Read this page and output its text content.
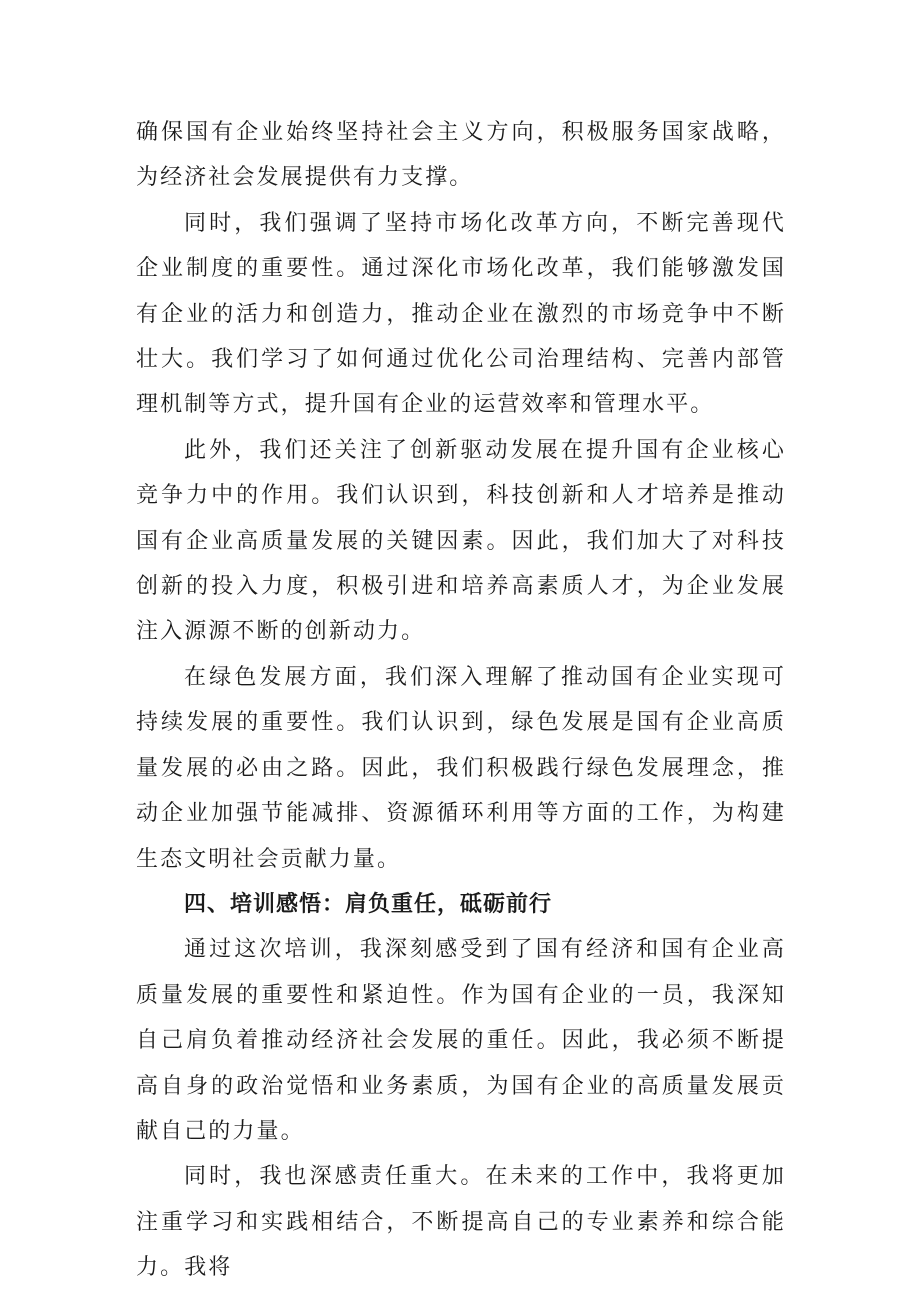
确保国有企业始终坚持社会主义方向，积极服务国家战略，为经济社会发展提供有力支撑。

同时，我们强调了坚持市场化改革方向，不断完善现代企业制度的重要性。通过深化市场化改革，我们能够激发国有企业的活力和创造力，推动企业在激烈的市场竞争中不断壮大。我们学习了如何通过优化公司治理结构、完善内部管理机制等方式，提升国有企业的运营效率和管理水平。

此外，我们还关注了创新驱动发展在提升国有企业核心竞争力中的作用。我们认识到，科技创新和人才培养是推动国有企业高质量发展的关键因素。因此，我们加大了对科技创新的投入力度，积极引进和培养高素质人才，为企业发展注入源源不断的创新动力。

在绿色发展方面，我们深入理解了推动国有企业实现可持续发展的重要性。我们认识到，绿色发展是国有企业高质量发展的必由之路。因此，我们积极践行绿色发展理念，推动企业加强节能减排、资源循环利用等方面的工作，为构建生态文明社会贡献力量。

四、培训感悟：肩负重任，砥砺前行

通过这次培训，我深刻感受到了国有经济和国有企业高质量发展的重要性和紧迫性。作为国有企业的一员，我深知自己肩负着推动经济社会发展的重任。因此，我必须不断提高自身的政治觉悟和业务素质，为国有企业的高质量发展贡献自己的力量。

同时，我也深感责任重大。在未来的工作中，我将更加注重学习和实践相结合，不断提高自己的专业素养和综合能力。我将
